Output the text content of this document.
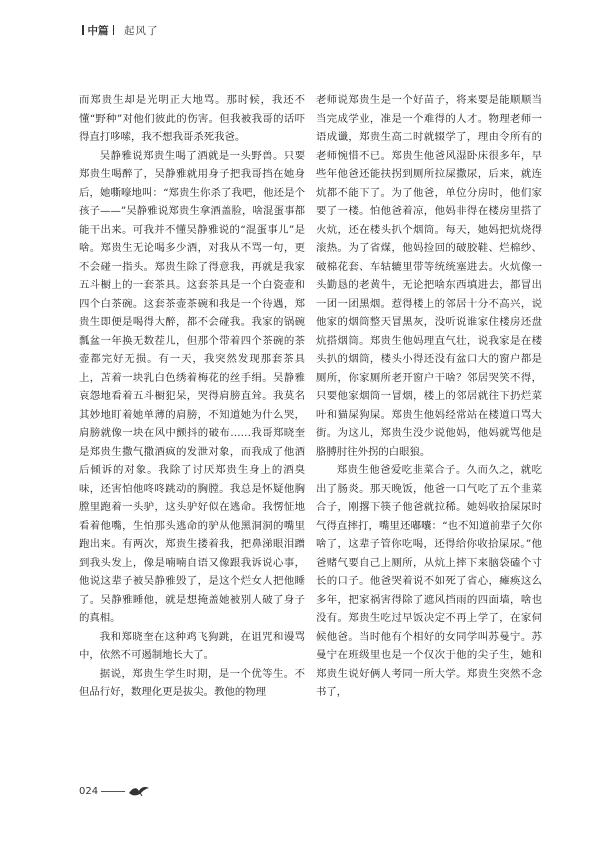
中篇 起风了

而郑贵生却是光明正大地骂。那时候，我还不懂“野种”对他们彼此的伤害。但我被我哥的话吓得直打哆嗦，我不想我哥杀死我爸。

吴静雅说郑贵生喝了酒就是一头野兽。只要郑贵生喝醉了，吴静雅就用身子把我哥挡在她身后，她嘶嚎地叫：“郑贵生你杀了我吧，他还是个孩子——”吴静雅说郑贵生拿酒盖脸，啥混蛋事都能干出来。可我并不懂吴静雅说的“混蛋事儿”是啥。郑贵生无论喝多少酒，对我从不骂一句，更不会碰一指头。郑贵生除了得意我，再就是我家五斗橱上的一套茶具。这套茶具是一个白瓷壶和四个白茶碗。这套茶壶茶碗和我是一个待遇，郑贵生即便是喝得大醉，都不会碰我。我家的锅碗瓢盆一年换无数茬儿，但那个带着四个茶碗的茶壶都完好无损。有一天，我突然发现那套茶具上，苫着一块乳白色绣着梅花的丝手绢。吴静雅哀怨地看着五斗橱犯呆，哭得肩膀直耸。我莫名其妙地盯着她单薄的肩膀，不知道她为什么哭，肩膀就像一块在风中颤抖的破布……我哥郑晓奎是郑贵生撒气撒酒疯的发泄对象，而我成了他酒后倾诉的对象。我除了讨厌郑贵生身上的酒臭味，还害怕他咚咚跳动的胸膛。我总是怀疑他胸膛里跑着一头驴，这头驴好似在逃命。我愣怔地看着他嘴，生怕那头逃命的驴从他黑洞洞的嘴里跑出来。有两次，郑贵生搂着我，把鼻涕眼泪蹭到我头发上，像是喃喃自语又像跟我诉说心事，他说这辈子被吴静雅毁了，是这个烂女人把他睡了。吴静雅睡他，就是想掩盖她被别人破了身子的真相。

我和郑晓奎在这种鸡飞狗跳，在诅咒和谩骂中，依然不可遏制地长大了。

据说，郑贵生学生时期，是一个优等生。不但品行好，数理化更是拔尖。教他的物理

老师说郑贵生是一个好苗子，将来要是能顺顺当当完成学业，准是一个难得的人才。物理老师一语成谶，郑贵生高二时就辍学了，理由令所有的老师惋惜不已。郑贵生他爸风湿卧床很多年，早些年他爸还能扶拐到厕所拉屎撒尿，后来，就连炕都不能下了。为了他爸，单位分房时，他们家要了一楼。怕他爸着凉，他妈非得在楼房里搭了火炕，还在楼头扒个烟筒。每天，她妈把炕烧得滚热。为了省煤，他妈捡回的破胶鞋、烂棉纱、破棉花套、车轱辘里带等统统塞进去。火炕像一头勤恳的老黄牛，无论把啥东西填进去，都冒出一团一团黑烟。惹得楼上的邻居十分不高兴，说他家的烟筒整天冒黑灰，没听说谁家住楼房还盘炕搭烟筒。郑贵生他妈理直气壮，说我家是在楼头扒的烟筒，楼头小得还没有盆口大的窗户都是厕所，你家厕所老开窗户干啥？邻居哭笑不得，只要他家烟筒一冒烟，楼上的邻居就往下扔烂菜叶和猫屎狗屎。郑贵生他妈经常站在楼道口骂大街。为这儿，郑贵生没少说他妈，他妈就骂他是胳膊肘往外拐的白眼狼。

郑贵生他爸爱吃韭菜合子。久而久之，就吃出了肠炎。那天晚饭，他爸一口气吃了五个韭菜合子，刚撂下筷子他爸就拉稀。她妈收拾屎尿时气得直摔打，嘴里还嘟囔：“也不知道前辈子欠你啥了，这辈子管你吃喝，还得给你收拾屎尿。”他爸赌气要自己上厕所，从炕上摔下来脑袋磕个寸长的口子。他爸哭着说不如死了省心，瘫痪这么多年，把家祸害得除了遮风挡雨的四面墙，啥也没有。郑贵生吃过早饭决定不再上学了，在家伺候他爸。当时他有个相好的女同学叫苏曼宁。苏曼宁在班级里也是一个仅次于他的尖子生，她和郑贵生说好俩人考同一所大学。郑贵生突然不念书了，

024
